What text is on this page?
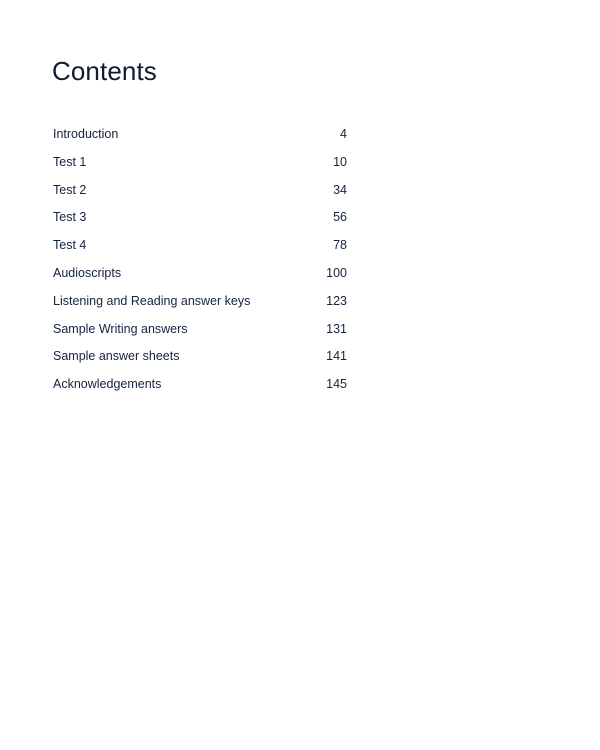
Contents
Introduction	4
Test 1	10
Test 2	34
Test 3	56
Test 4	78
Audioscripts	100
Listening and Reading answer keys	123
Sample Writing answers	131
Sample answer sheets	141
Acknowledgements	145
